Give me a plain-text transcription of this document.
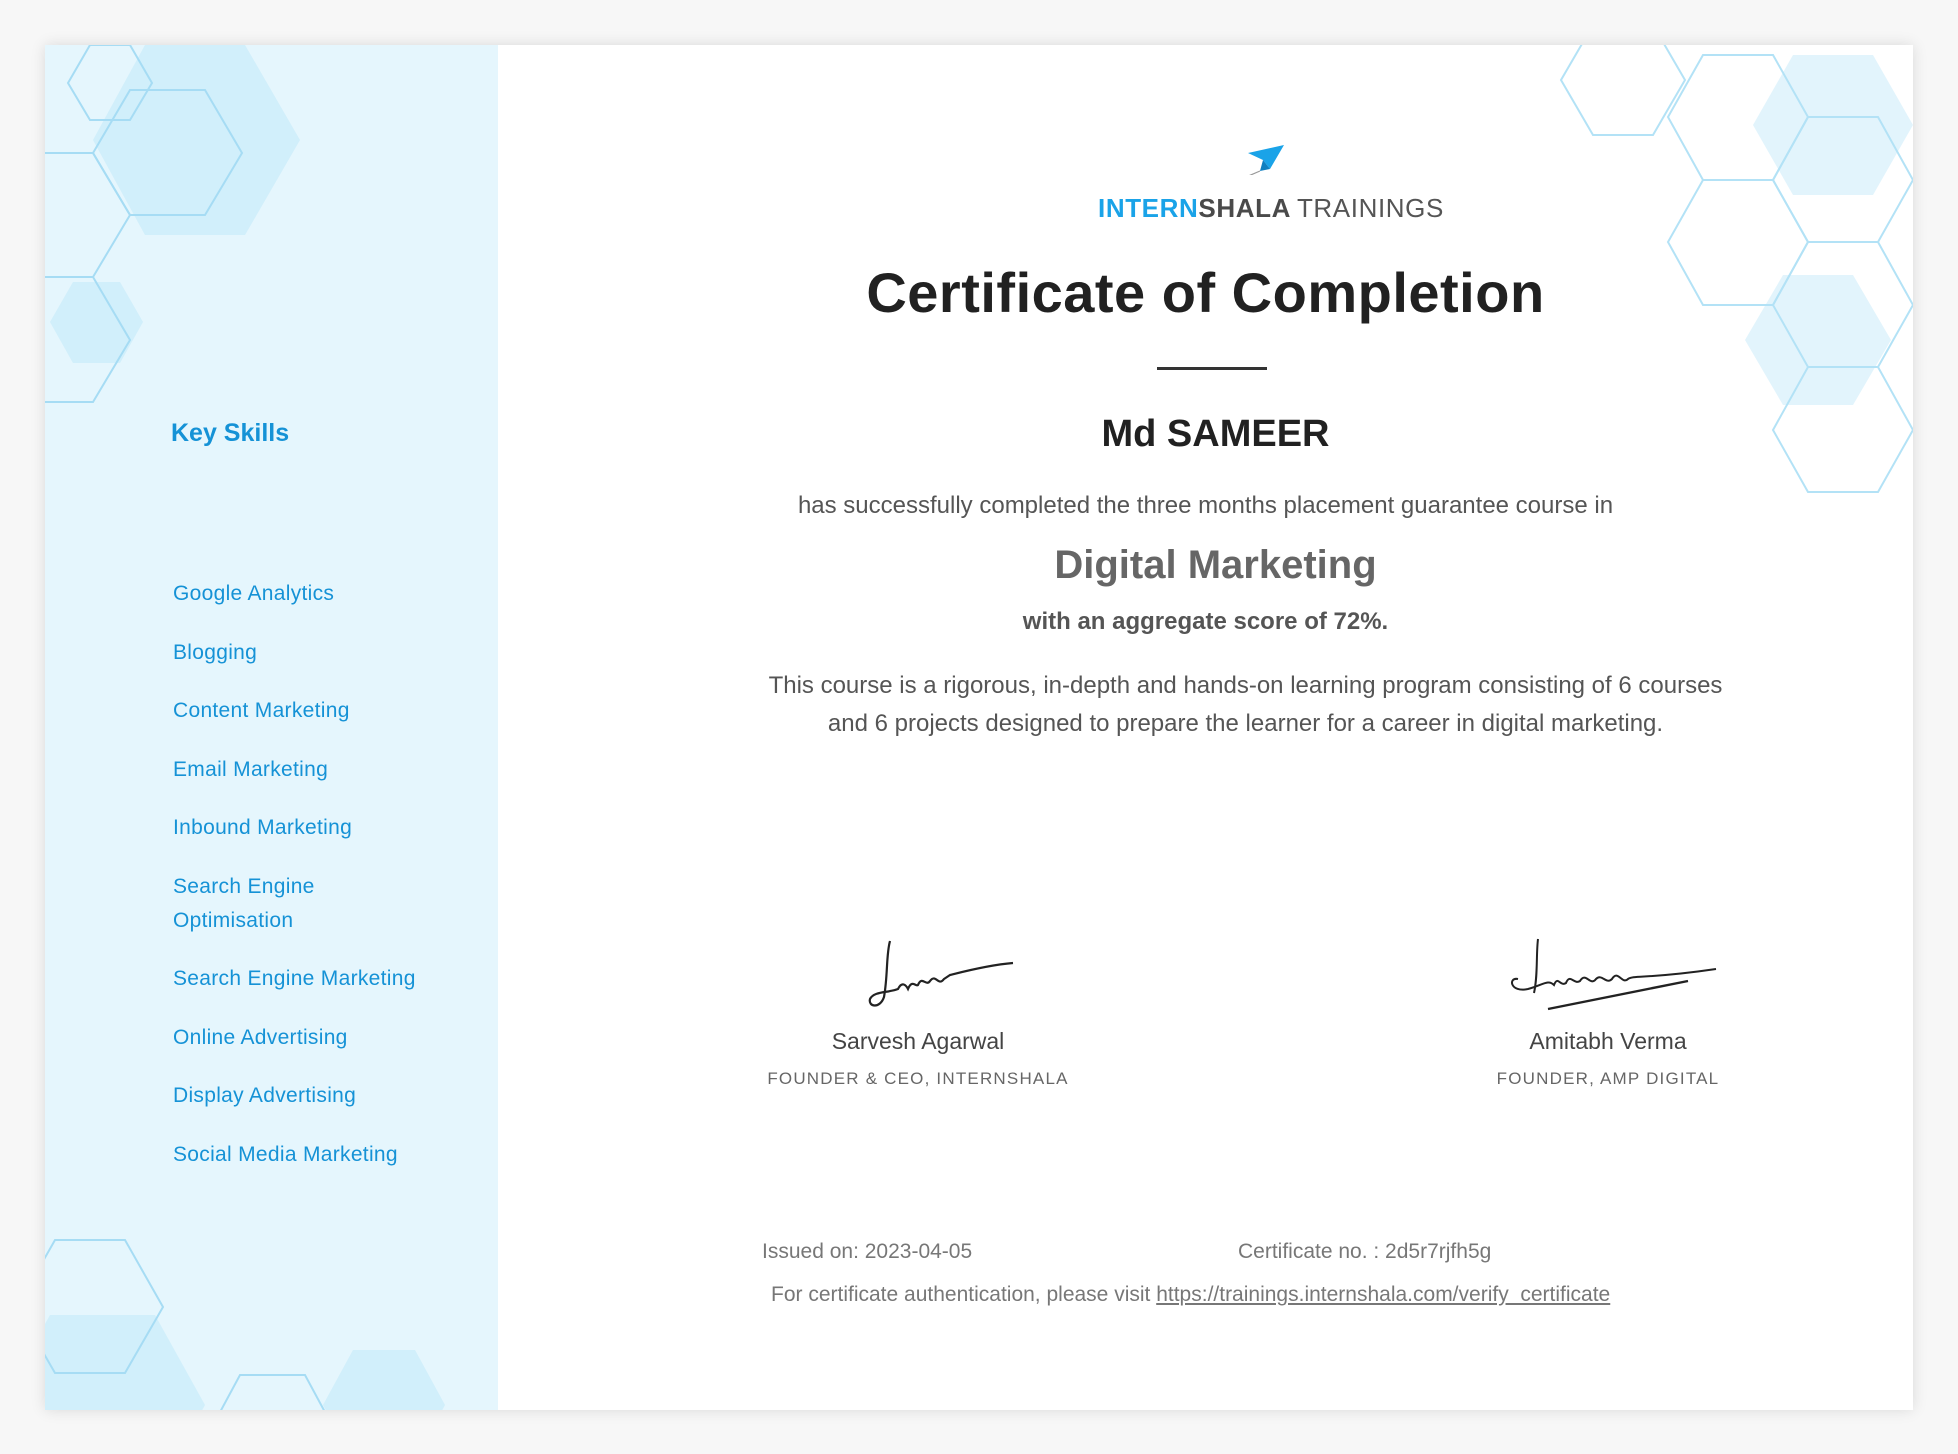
Key Skills
Google Analytics
Blogging
Content Marketing
Email Marketing
Inbound Marketing
Search Engine Optimisation
Search Engine Marketing
Online Advertising
Display Advertising
Social Media Marketing
INTERNSHALA TRAININGS
Certificate of Completion
Md SAMEER
has successfully completed the three months placement guarantee course in
Digital Marketing
with an aggregate score of 72%.
This course is a rigorous, in-depth and hands-on learning program consisting of 6 courses and 6 projects designed to prepare the learner for a career in digital marketing.
Sarvesh Agarwal
FOUNDER & CEO, INTERNSHALA
Amitabh Verma
FOUNDER, AMP DIGITAL
Issued on: 2023-04-05	Certificate no. : 2d5r7rjfh5g
For certificate authentication, please visit https://trainings.internshala.com/verify_certificate
